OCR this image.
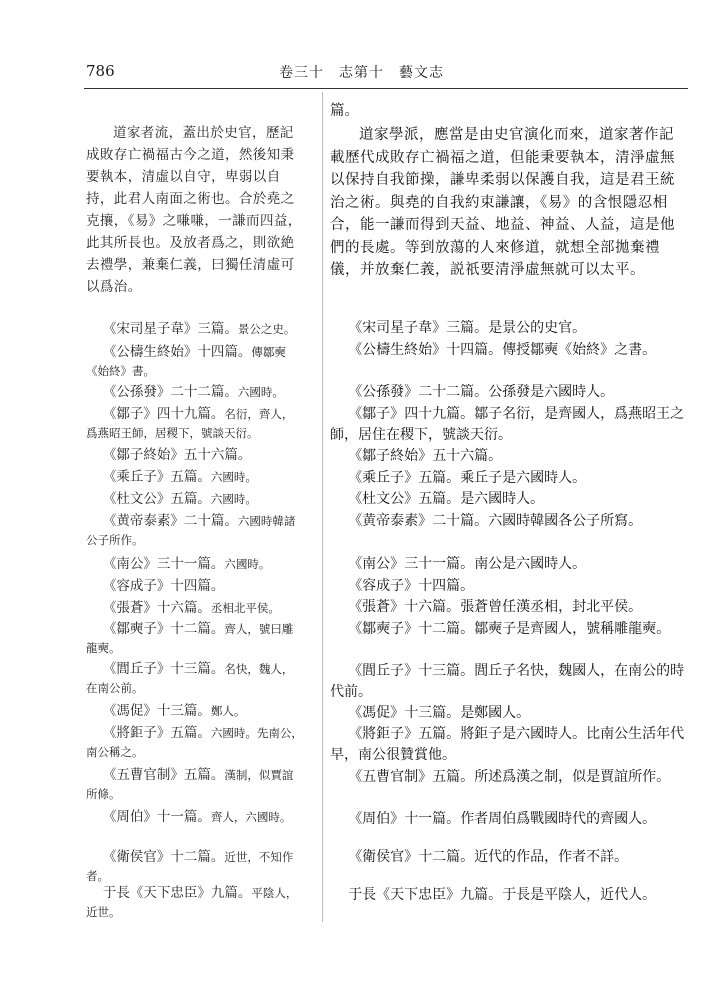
786	卷三十　志第十　藝文志

道家者流，蓋出於史官，歷記成敗存亡禍福古今之道，然後知秉要執本，清虛以自守，卑弱以自持，此君人南面之術也。合於堯之克攘，《易》之嗛嗛，一謙而四益，此其所長也。及放者爲之，則欲絶去禮學，兼棄仁義，曰獨任清虛可以爲治。

篇。

道家學派，應當是由史官演化而來，道家著作記載歷代成敗存亡禍福之道，但能秉要執本，清淨虛無以保持自我節操，謙卑柔弱以保護自我，這是君王統治之術。與堯的自我約束謙讓，《易》的含恨隱忍相合，能一謙而得到天益、地益、神益、人益，這是他們的長處。等到放蕩的人來修道，就想全部拋棄禮儀，并放棄仁義，説祇要清淨虛無就可以太平。

《宋司星子韋》三篇。景公之史。

《公檮生終始》十四篇。傳鄒奭《始終》書。

《公孫發》二十二篇。六國時。

《鄒子》四十九篇。名衍，齊人，爲燕昭王師，居稷下，號談天衍。

《鄒子終始》五十六篇。

《乘丘子》五篇。六國時。

《杜文公》五篇。六國時。

《黄帝泰素》二十篇。六國時韓諸公子所作。

《南公》三十一篇。六國時。

《容成子》十四篇。

《張蒼》十六篇。丞相北平侯。

《鄒奭子》十二篇。齊人，號曰雕龍奭。

《閭丘子》十三篇。名快，魏人，在南公前。

《馮促》十三篇。鄭人。

《將鉅子》五篇。六國時。先南公，南公稱之。

《五曹官制》五篇。漢制，似賈誼所條。

《周伯》十一篇。齊人，六國時。

《衛侯官》十二篇。近世，不知作者。

于長《天下忠臣》九篇。平陰人，近世。

《宋司星子韋》三篇。是景公的史官。

《公檮生終始》十四篇。傳授鄒奭《始終》之書。

《公孫發》二十二篇。公孫發是六國時人。

《鄒子》四十九篇。鄒子名衍，是齊國人，爲燕昭王之師，居住在稷下，號談天衍。

《鄒子終始》五十六篇。

《乘丘子》五篇。乘丘子是六國時人。

《杜文公》五篇。是六國時人。

《黄帝泰素》二十篇。六國時韓國各公子所寫。

《南公》三十一篇。南公是六國時人。

《容成子》十四篇。

《張蒼》十六篇。張蒼曾任漢丞相，封北平侯。

《鄒奭子》十二篇。鄒奭子是齊國人，號稱雕龍奭。

《閭丘子》十三篇。閭丘子名快，魏國人，在南公的時代前。

《馮促》十三篇。是鄭國人。

《將鉅子》五篇。將鉅子是六國時人。比南公生活年代早，南公很贊賞他。

《五曹官制》五篇。所述爲漢之制，似是賈誼所作。

《周伯》十一篇。作者周伯爲戰國時代的齊國人。

《衛侯官》十二篇。近代的作品，作者不詳。

于長《天下忠臣》九篇。于長是平陰人，近代人。
